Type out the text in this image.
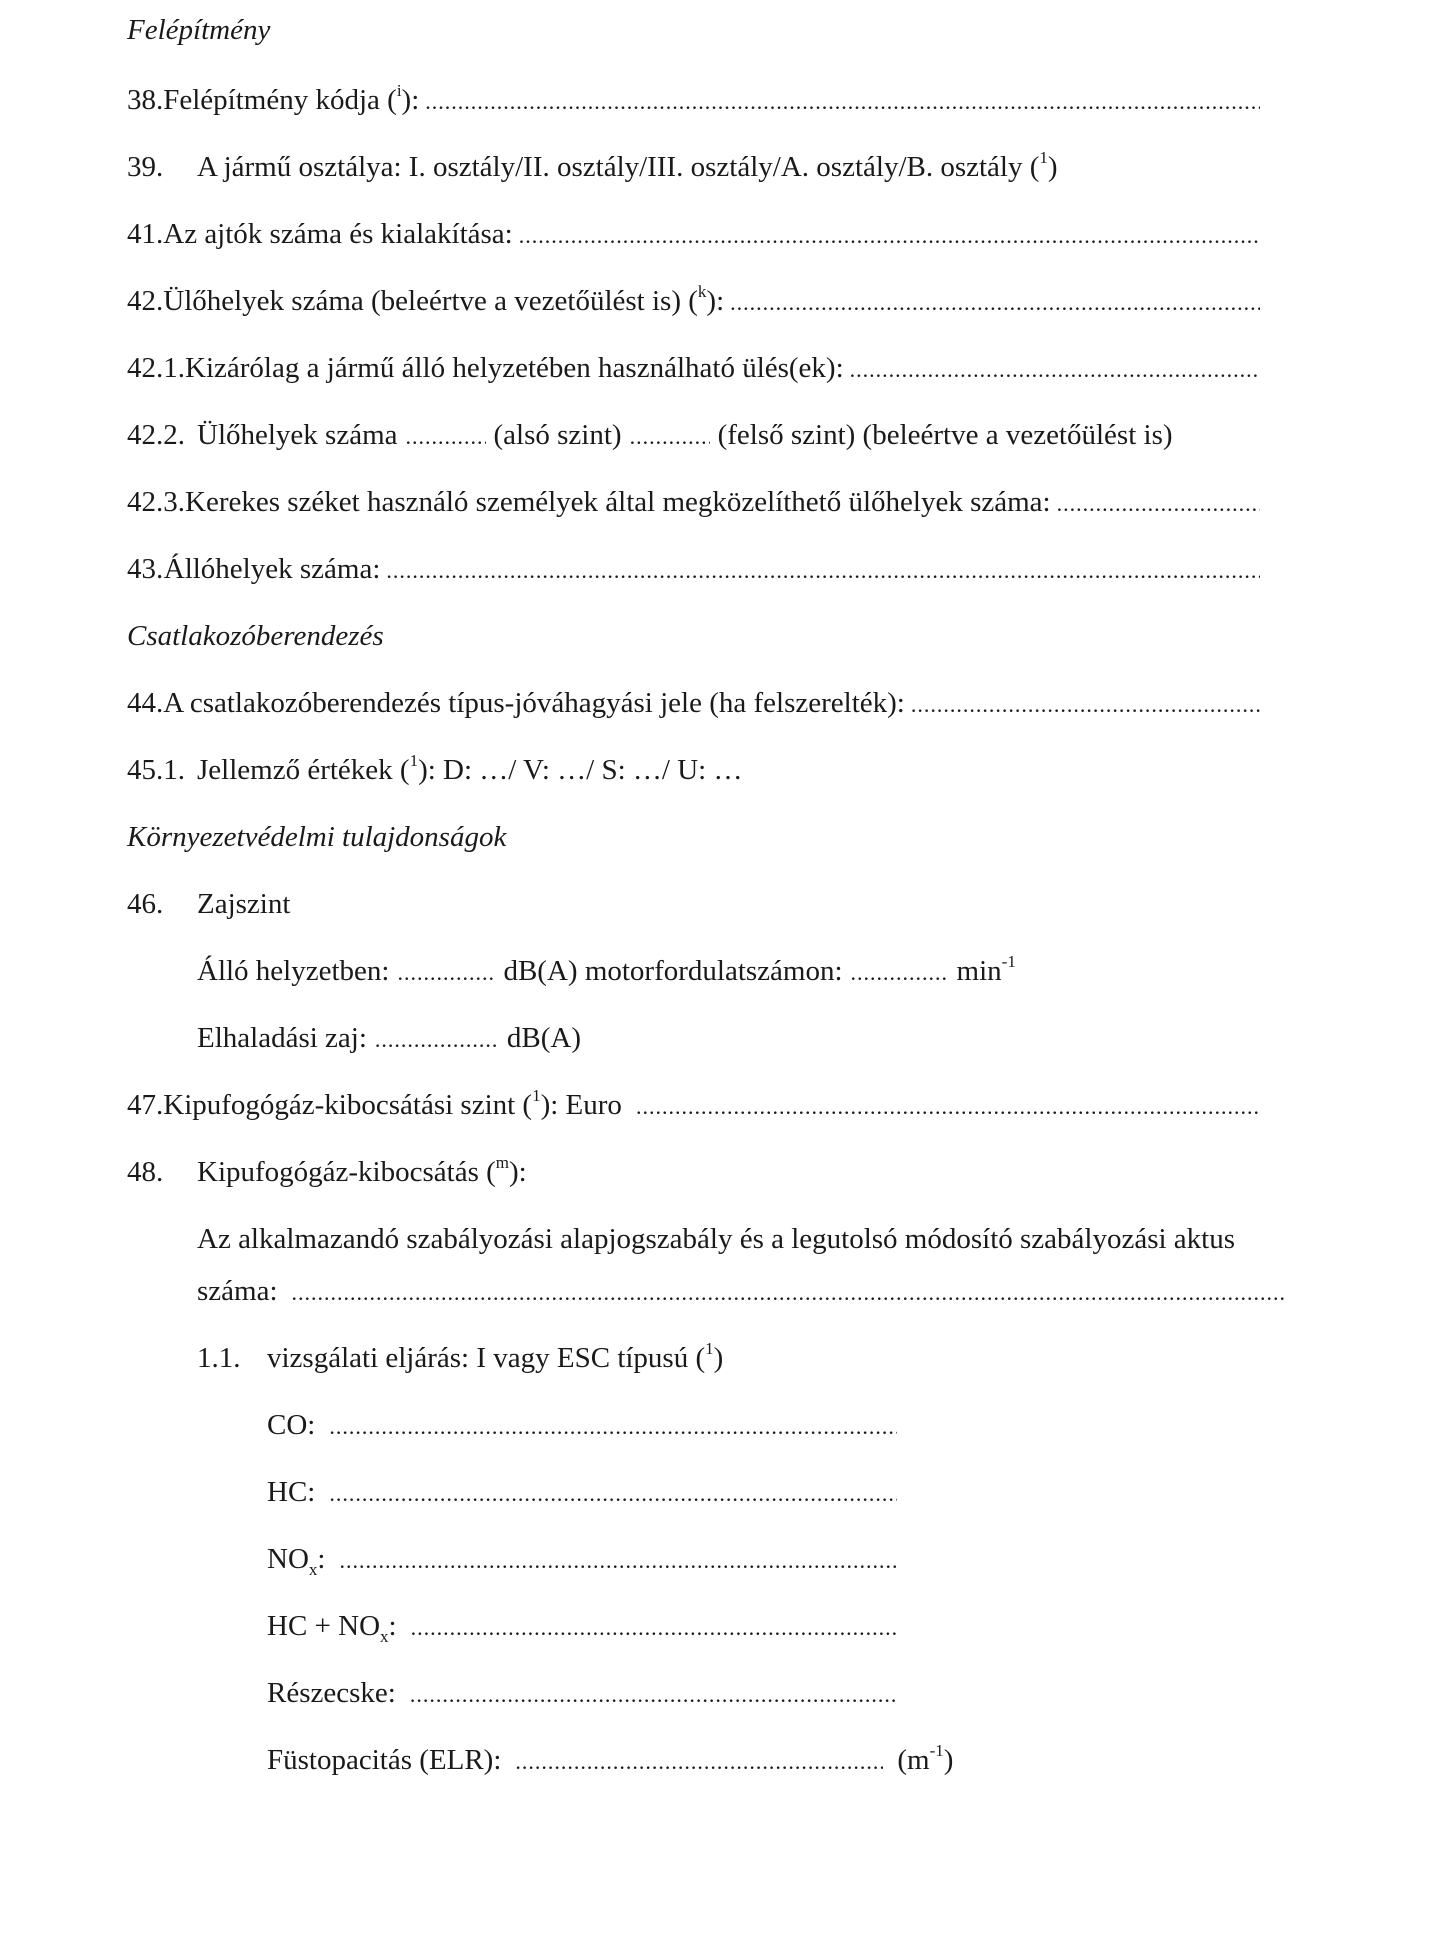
Felépítmény
38. Felépítmény kódja ($^i$):
.....
39.	A jármű osztálya: I. osztály/II. osztály/III. osztály/A. osztály/B. osztály ($^1$)
41. Az ajtók száma és kialakítása:
.....
42. Ülőhelyek száma (beleértve a vezetőülést is) ($^k$):
.....
42.1. Kizárólag a jármű álló helyzetében használható ülés(ek):
.....
42.2. Ülőhelyek száma .....	(alsó szint) .....	(felső szint) (beleértve a vezetőülést is)
42.3. Kerekes széket használó személyek által megközelíthető ülőhelyek száma:
.....
43. Állóhelyek száma:
.....
Csatlakozóberendezés
44. A csatlakozóberendezés típus-jóváhagyási jele (ha felszerelték):
.....
45.1. Jellemző értékek ($^1$): D: …/ V: …/ S: …/ U: …
Környezetvédelmi tulajdonságok
46.	Zajszint
Álló helyzetben: .....	dB(A) motorfordulatszámon: .....	$\min^{-1}$
Elhaladási zaj: .....	dB(A)
47. Kipufogógáz-kibocsátási szint ($^1$): Euro
.....
48.	Kipufogógáz-kibocsátás ($^m$):
Az alkalmazandó szabályozási alapjogszabály és a legutolsó módosító szabályozási aktus
száma:
.....
1.1. vizsgálati eljárás: I vagy ESC típusú ($^1$)
CO:
.....
HC:
.....
$NO_x$:
.....
HC + $NO_x$:
.....
Részecske:
.....
Füstopacitás (ELR): .....	$(m^{-1})$
